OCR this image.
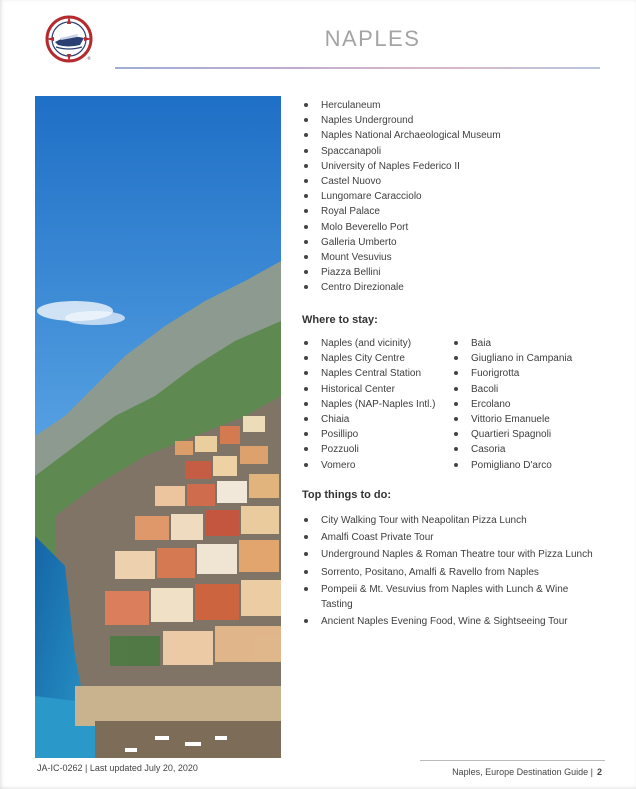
®
NAPLES
Herculaneum
Naples Underground
Naples National Archaeological Museum
Spaccanapoli
University of Naples Federico II
Castel Nuovo
Lungomare Caracciolo
Royal Palace
Molo Beverello Port
Galleria Umberto
Mount Vesuvius
Piazza Bellini
Centro Direzionale

Where to stay:

Naples (and vicinity)
Naples City Centre
Naples Central Station
Historical Center
Naples (NAP-Naples Intl.)
Chiaia
Posillipo
Pozzuoli
Vomero
Baia
Giugliano in Campania
Fuorigrotta
Bacoli
Ercolano
Vittorio Emanuele
Quartieri Spagnoli
Casoria
Pomigliano D'arco

Top things to do:

City Walking Tour with Neapolitan Pizza Lunch
Amalfi Coast Private Tour
Underground Naples & Roman Theatre tour with Pizza Lunch
Sorrento, Positano, Amalfi & Ravello from Naples
Pompeii & Mt. Vesuvius from Naples with Lunch & Wine Tasting
Ancient Naples Evening Food, Wine & Sightseeing Tour
JA-IC-0262 | Last updated July 20, 2020	Naples, Europe Destination Guide | 2
